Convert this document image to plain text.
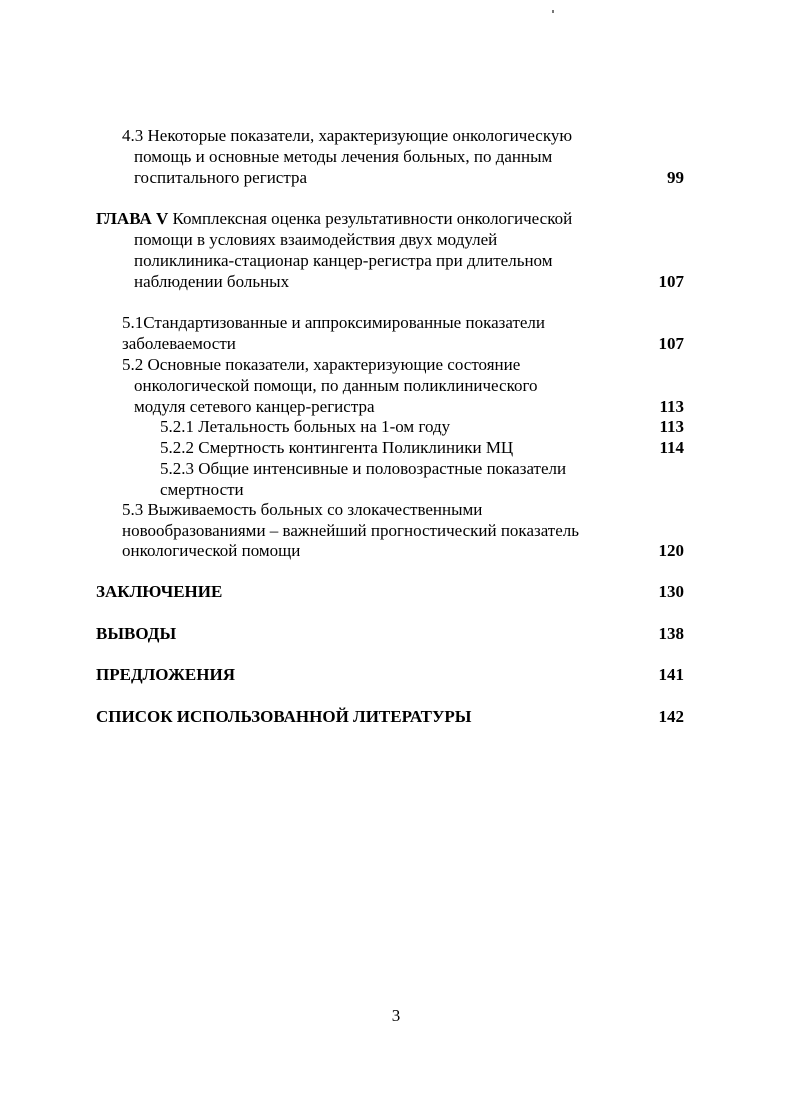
4.3 Некоторые показатели, характеризующие онкологическую
помощь и основные методы лечения больных, по данным
госпитального регистра	99
ГЛАВА V Комплексная оценка результативности онкологической
помощи в условиях взаимодействия двух модулей
поликлиника-стационар канцер-регистра при длительном
наблюдении больных	107
5.1Стандартизованные и аппроксимированные показатели
заболеваемости	107
5.2 Основные показатели, характеризующие состояние
онкологической помощи, по данным поликлинического
модуля сетевого канцер-регистра	113
5.2.1 Летальность больных на 1-ом году	113
5.2.2 Смертность контингента Поликлиники МЦ	114
5.2.3 Общие интенсивные и половозрастные показатели
смертности
5.3 Выживаемость больных со злокачественными
новообразованиями – важнейший прогностический показатель
онкологической помощи	120
ЗАКЛЮЧЕНИЕ	130
ВЫВОДЫ	138
ПРЕДЛОЖЕНИЯ	141
СПИСОК ИСПОЛЬЗОВАННОЙ ЛИТЕРАТУРЫ	142
3
